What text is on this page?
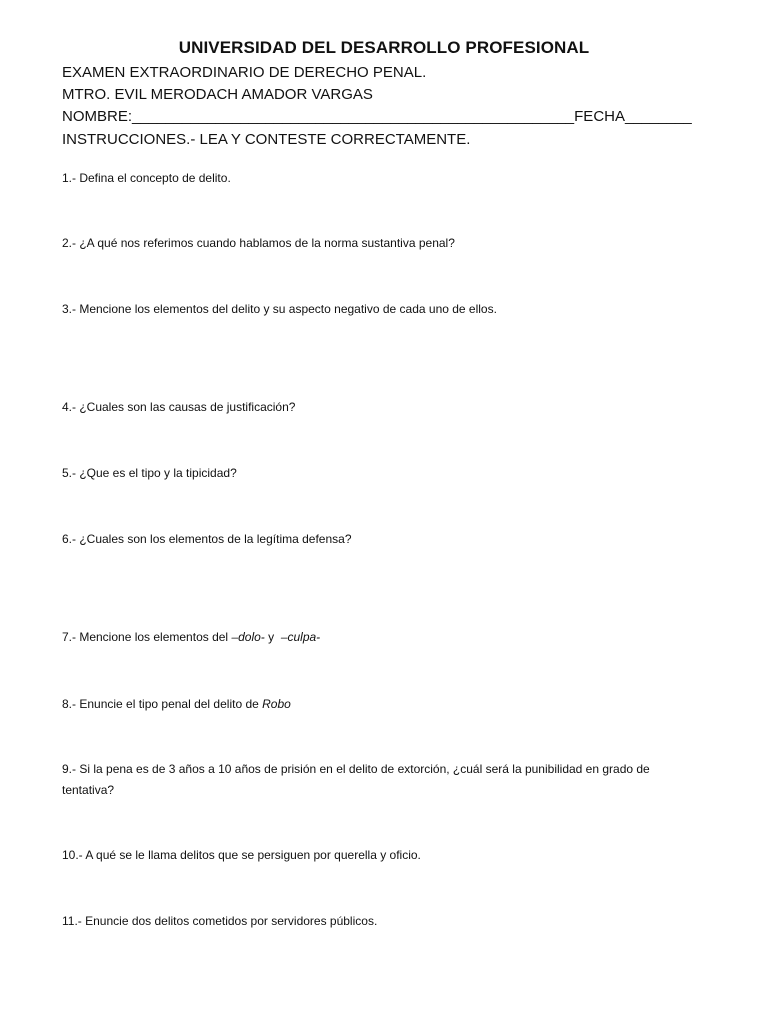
UNIVERSIDAD DEL DESARROLLO PROFESIONAL
EXAMEN EXTRAORDINARIO DE DERECHO PENAL.
MTRO. EVIL MERODACH AMADOR VARGAS
NOMBRE:_____________________________________________________FECHA________
INSTRUCCIONES.- LEA Y CONTESTE CORRECTAMENTE.
1.- Defina el concepto de delito.
2.- ¿A qué nos referimos cuando hablamos de la norma sustantiva penal?
3.- Mencione los elementos del delito y su aspecto negativo de cada uno de ellos.
4.- ¿Cuales son las causas de justificación?
5.- ¿Que es el tipo y la tipicidad?
6.- ¿Cuales son los elementos de la legítima defensa?
7.- Mencione los elementos del –dolo- y  –culpa-
8.- Enuncie el tipo penal del delito de Robo
9.- Si la pena es de 3 años a 10 años de prisión en el delito de extorción, ¿cuál será la punibilidad en grado de tentativa?
10.- A qué se le llama delitos que se persiguen por querella y oficio.
11.- Enuncie dos delitos cometidos por servidores públicos.
